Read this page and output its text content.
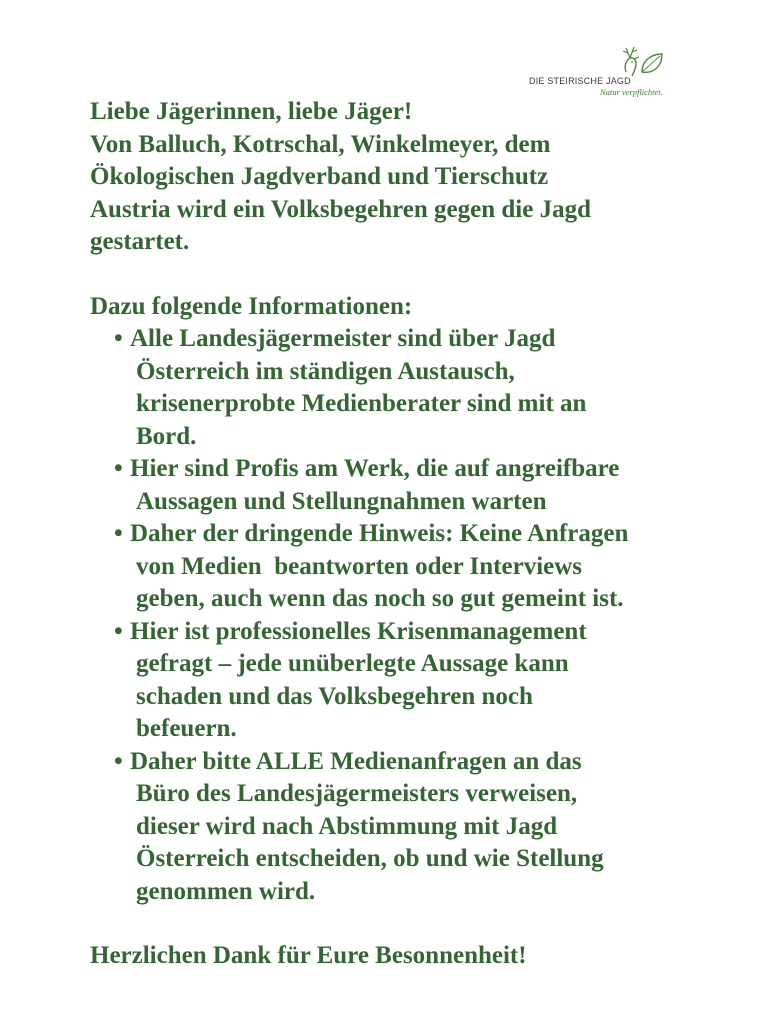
DIE STEIRISCHE JAGD
Natur verpflichtet.

Liebe Jägerinnen, liebe Jäger!
Von Balluch, Kotrschal, Winkelmeyer, dem
Ökologischen Jagdverband und Tierschutz
Austria wird ein Volksbegehren gegen die Jagd
gestartet.

Dazu folgende Informationen:

• Alle Landesjägermeister sind über Jagd
Österreich im ständigen Austausch,
krisenerprobte Medienberater sind mit an
Bord.
• Hier sind Profis am Werk, die auf angreifbare
Aussagen und Stellungnahmen warten
• Daher der dringende Hinweis: Keine Anfragen
von Medien  beantworten oder Interviews
geben, auch wenn das noch so gut gemeint ist.
• Hier ist professionelles Krisenmanagement
gefragt – jede unüberlegte Aussage kann
schaden und das Volksbegehren noch
befeuern.
• Daher bitte ALLE Medienanfragen an das
Büro des Landesjägermeisters verweisen,
dieser wird nach Abstimmung mit Jagd
Österreich entscheiden, ob und wie Stellung
genommen wird.

Herzlichen Dank für Eure Besonnenheit!
